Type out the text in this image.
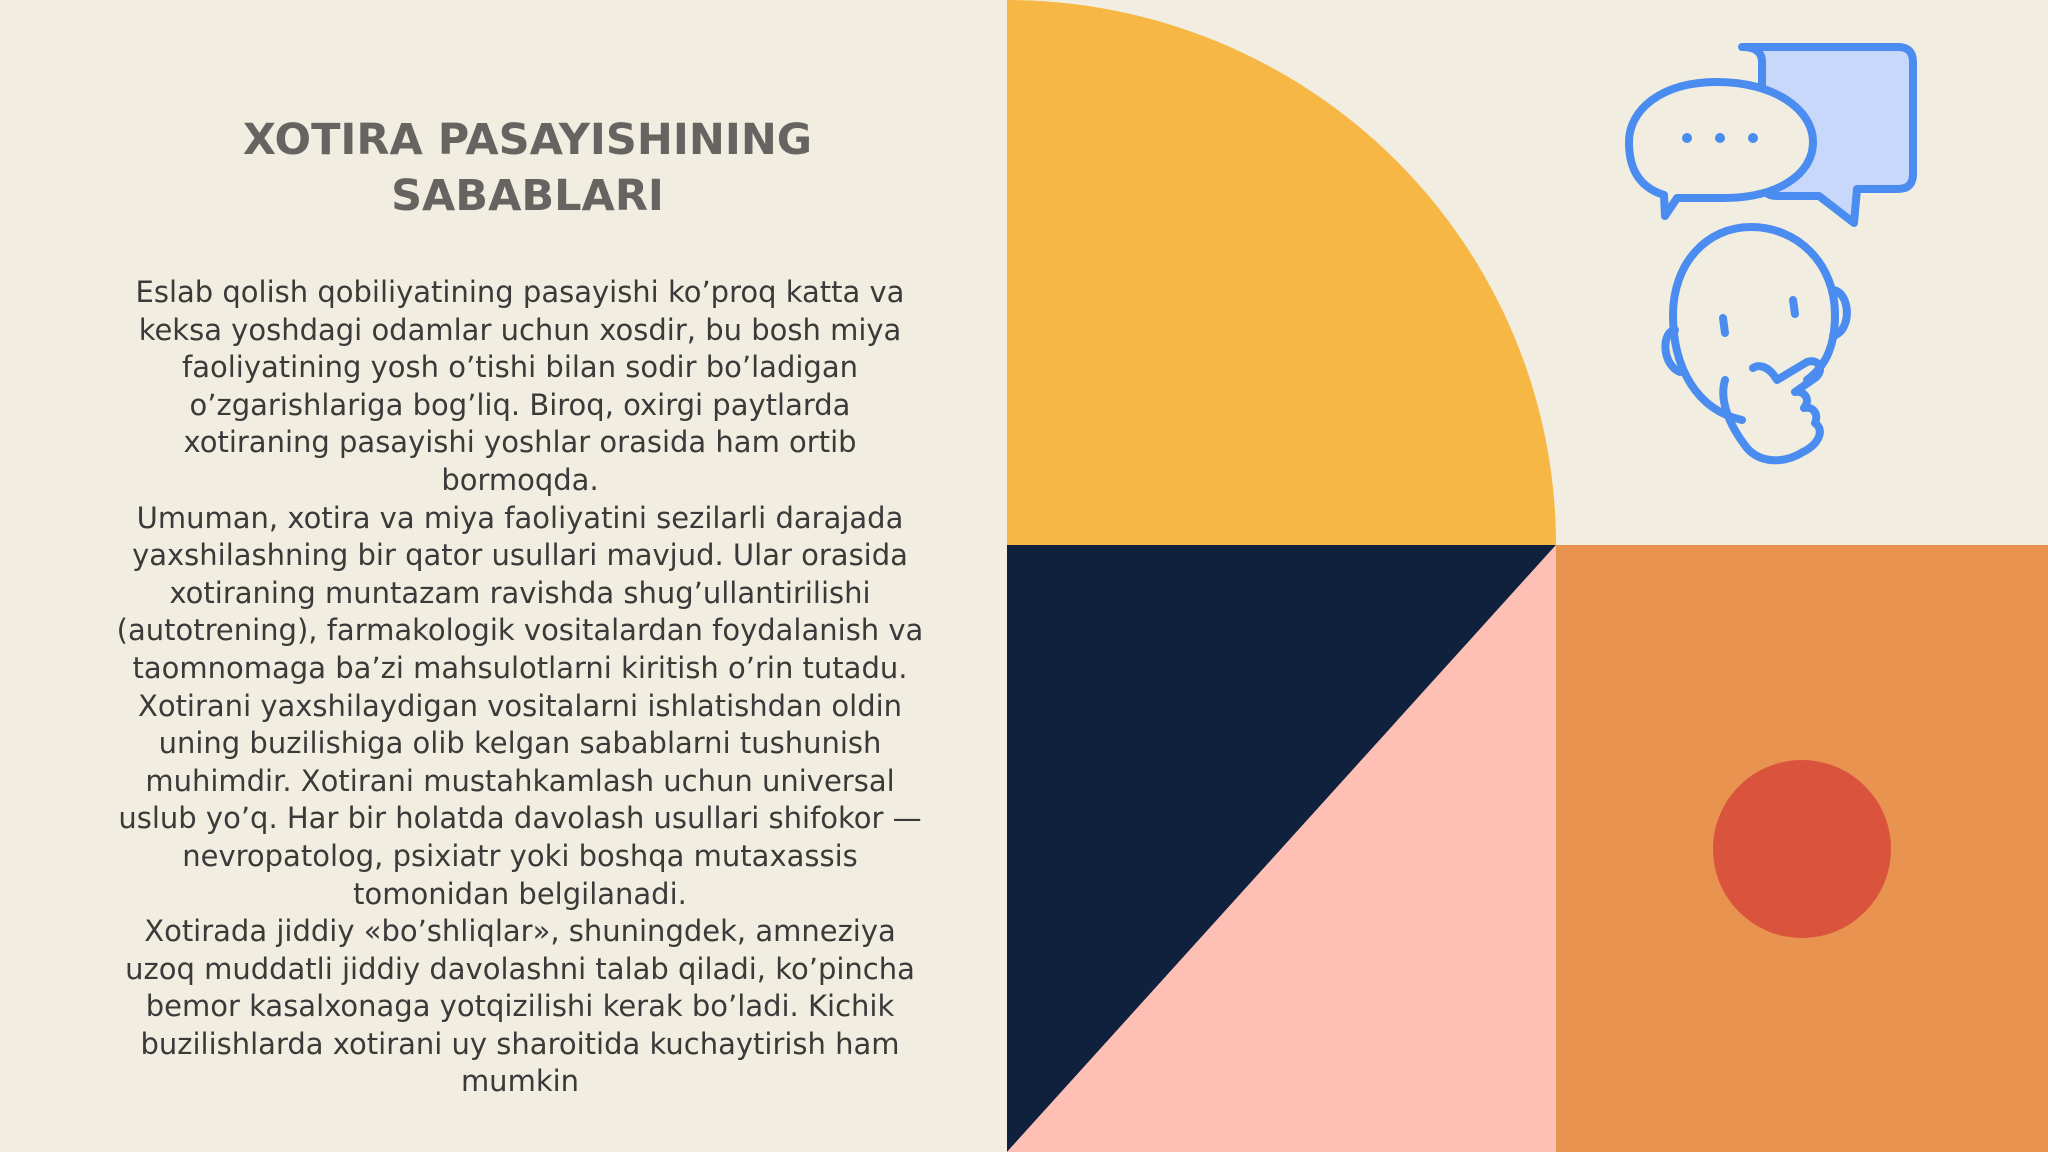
XOTIRA PASAYISHINING
SABABLARI
Eslab qolish qobiliyatining pasayishi ko’proq katta va
keksa yoshdagi odamlar uchun xosdir, bu bosh miya
faoliyatining yosh o’tishi bilan sodir bo’ladigan
o’zgarishlariga bog’liq. Biroq, oxirgi paytlarda
xotiraning pasayishi yoshlar orasida ham ortib
bormoqda.
Umuman, xotira va miya faoliyatini sezilarli darajada
yaxshilashning bir qator usullari mavjud. Ular orasida
xotiraning muntazam ravishda shug’ullantirilishi
(autotrening), farmakologik vositalardan foydalanish va
taomnomaga ba’zi mahsulotlarni kiritish o’rin tutadu.
Xotirani yaxshilaydigan vositalarni ishlatishdan oldin
uning buzilishiga olib kelgan sabablarni tushunish
muhimdir. Xotirani mustahkamlash uchun universal
uslub yo’q. Har bir holatda davolash usullari shifokor —
nevropatolog, psixiatr yoki boshqa mutaxassis
tomonidan belgilanadi.
Xotirada jiddiy «bo’shliqlar», shuningdek, amneziya
uzoq muddatli jiddiy davolashni talab qiladi, ko’pincha
bemor kasalxonaga yotqizilishi kerak bo’ladi. Kichik
buzilishlarda xotirani uy sharoitida kuchaytirish ham
mumkin
